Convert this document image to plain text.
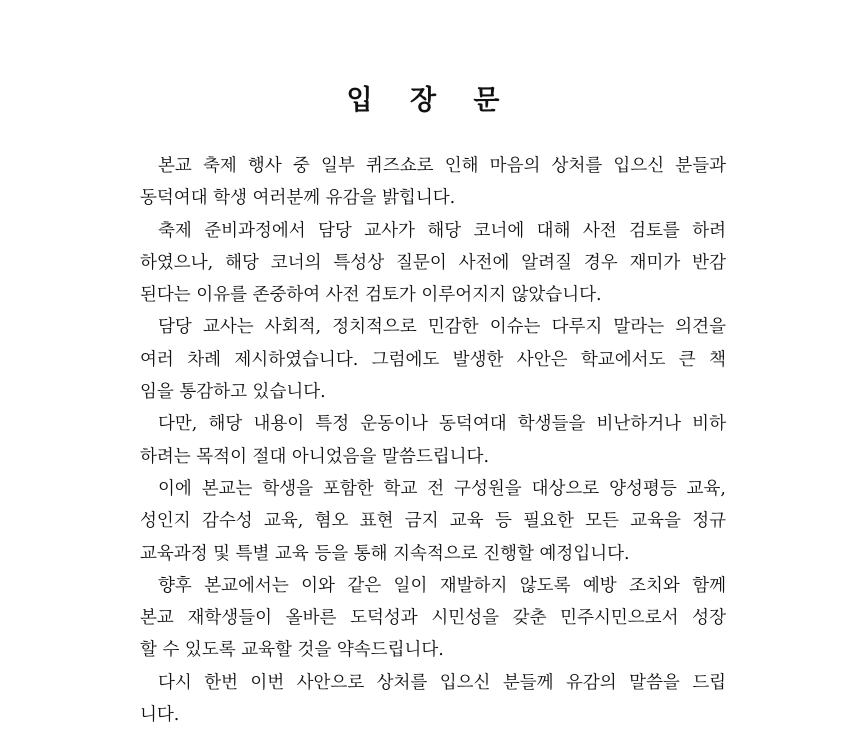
입 장 문
본교 축제 행사 중 일부 퀴즈쇼로 인해 마음의 상처를 입으신 분들과
동덕여대 학생 여러분께 유감을 밝힙니다.
축제 준비과정에서 담당 교사가 해당 코너에 대해 사전 검토를 하려
하였으나, 해당 코너의 특성상 질문이 사전에 알려질 경우 재미가 반감
된다는 이유를 존중하여 사전 검토가 이루어지지 않았습니다.
담당 교사는 사회적, 정치적으로 민감한 이슈는 다루지 말라는 의견을
여러 차례 제시하였습니다. 그럼에도 발생한 사안은 학교에서도 큰 책
임을 통감하고 있습니다.
다만, 해당 내용이 특정 운동이나 동덕여대 학생들을 비난하거나 비하
하려는 목적이 절대 아니었음을 말씀드립니다.
이에 본교는 학생을 포함한 학교 전 구성원을 대상으로 양성평등 교육,
성인지 감수성 교육, 혐오 표현 금지 교육 등 필요한 모든 교육을 정규
교육과정 및 특별 교육 등을 통해 지속적으로 진행할 예정입니다.
향후 본교에서는 이와 같은 일이 재발하지 않도록 예방 조치와 함께
본교 재학생들이 올바른 도덕성과 시민성을 갖춘 민주시민으로서 성장
할 수 있도록 교육할 것을 약속드립니다.
다시 한번 이번 사안으로 상처를 입으신 분들께 유감의 말씀을 드립
니다.
